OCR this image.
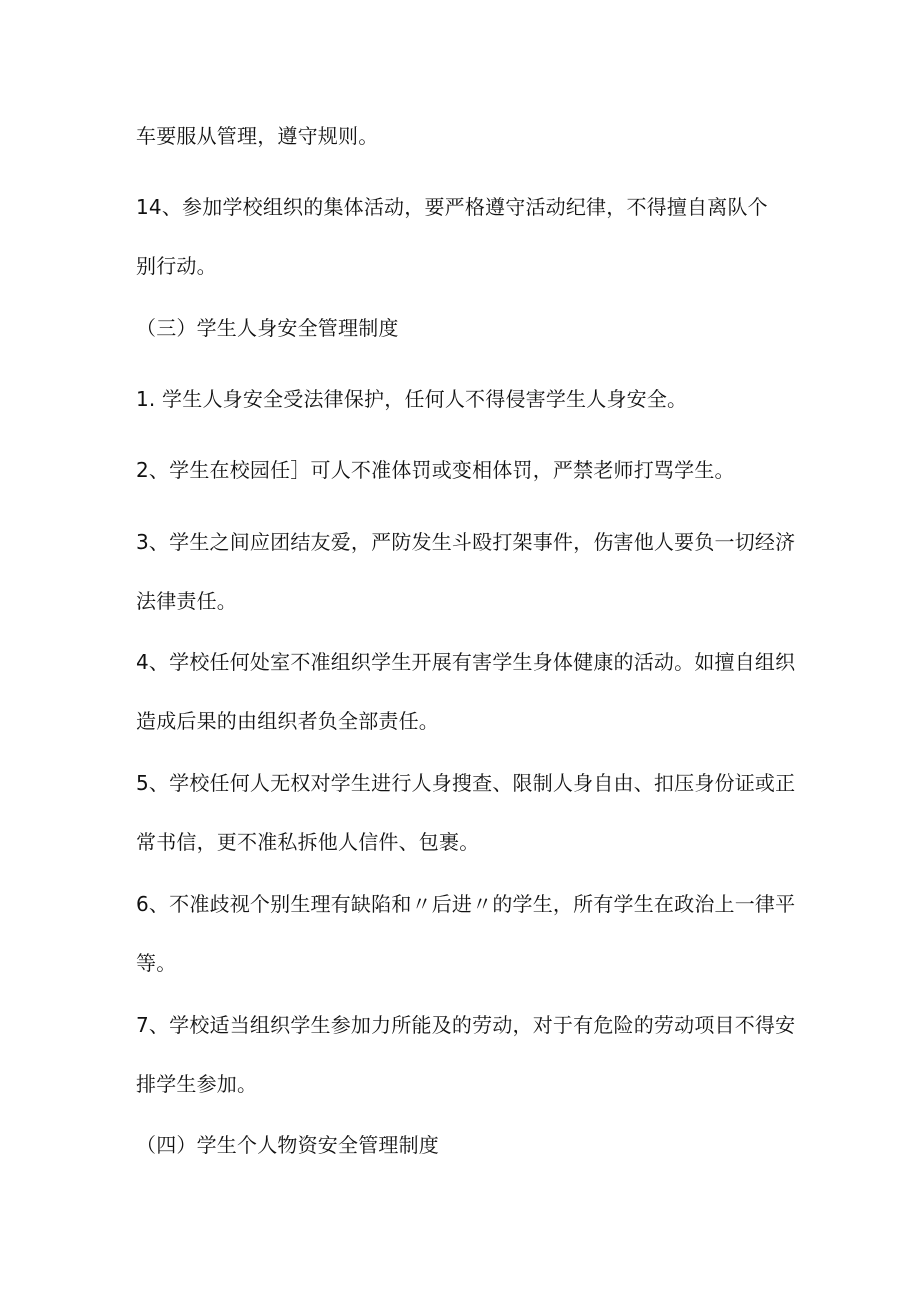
车要服从管理，遵守规则。

14、参加学校组织的集体活动，要严格遵守活动纪律，不得擅自离队个
别行动。

（三）学生人身安全管理制度

1. 学生人身安全受法律保护，任何人不得侵害学生人身安全。

2、学生在校园任］可人不准体罚或变相体罚，严禁老师打骂学生。

3、学生之间应团结友爱，严防发生斗殴打架事件，伤害他人要负一切经济
法律责任。

4、学校任何处室不准组织学生开展有害学生身体健康的活动。如擅自组织
造成后果的由组织者负全部责任。

5、学校任何人无权对学生进行人身搜查、限制人身自由、扣压身份证或正
常书信，更不准私拆他人信件、包裹。

6、不准歧视个别生理有缺陷和〃后进〃的学生，所有学生在政治上一律平
等。

7、学校适当组织学生参加力所能及的劳动，对于有危险的劳动项目不得安
排学生参加。

（四）学生个人物资安全管理制度
